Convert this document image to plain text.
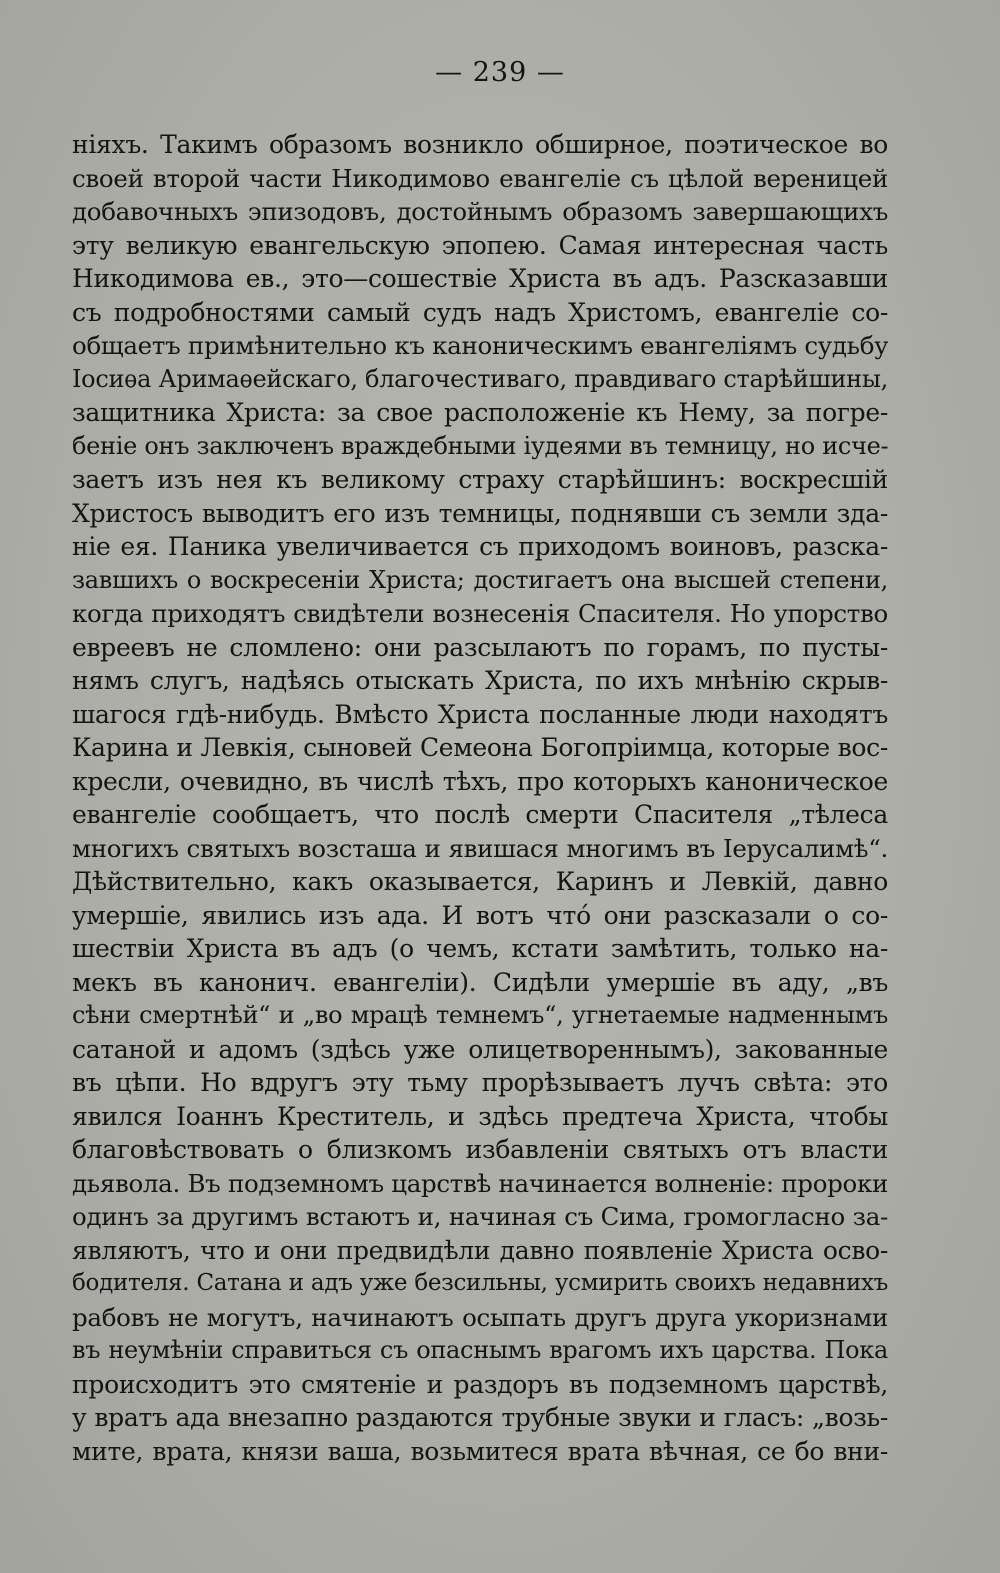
— 239 —
ніяхъ. Такимъ образомъ возникло обширное, поэтическое во
своей второй части Никодимово евангеліе съ цѣлой вереницей
добавочныхъ эпизодовъ, достойнымъ образомъ завершающихъ
эту великую евангельскую эпопею. Самая интересная часть
Никодимова ев., это—сошествіе Христа въ адъ. Разсказавши
съ подробностями самый судъ надъ Христомъ, евангеліе со-
общаетъ примѣнительно къ каноническимъ евангеліямъ судьбу
Іосиѳа Аримаѳейскаго, благочестиваго, правдиваго старѣйшины,
защитника Христа: за свое расположеніе къ Нему, за погре-
беніе онъ заключенъ враждебными іудеями въ темницу, но исче-
заетъ изъ нея къ великому страху старѣйшинъ: воскресшій
Христосъ выводитъ его изъ темницы, поднявши съ земли зда-
ніе ея. Паника увеличивается съ приходомъ воиновъ, разска-
завшихъ о воскресеніи Христа; достигаетъ она высшей степени,
когда приходятъ свидѣтели вознесенія Спасителя. Но упорство
евреевъ не сломлено: они разсылаютъ по горамъ, по пусты-
нямъ слугъ, надѣясь отыскать Христа, по ихъ мнѣнію скрыв-
шагося гдѣ-нибудь. Вмѣсто Христа посланные люди находятъ
Карина и Левкія, сыновей Семеона Богопріимца, которые вос-
кресли, очевидно, въ числѣ тѣхъ, про которыхъ каноническое
евангеліе сообщаетъ, что послѣ смерти Спасителя „тѣлеса
многихъ святыхъ возсташа и явишася многимъ въ Іерусалимѣ“.
Дѣйствительно, какъ оказывается, Каринъ и Левкій, давно
умершіе, явились изъ ада. И вотъ что́ они разсказали о со-
шествіи Христа въ адъ (о чемъ, кстати замѣтить, только на-
мекъ въ канонич. евангеліи). Сидѣли умершіе въ аду, „въ
сѣни смертнѣй“ и „во мрацѣ темнемъ“, угнетаемые надменнымъ
сатаной и адомъ (здѣсь уже олицетвореннымъ), закованные
въ цѣпи. Но вдругъ эту тьму прорѣзываетъ лучъ свѣта: это
явился Іоаннъ Креститель, и здѣсь предтеча Христа, чтобы
благовѣствовать о близкомъ избавленіи святыхъ отъ власти
дьявола. Въ подземномъ царствѣ начинается волненіе: пророки
одинъ за другимъ встаютъ и, начиная съ Сима, громогласно за-
являютъ, что и они предвидѣли давно появленіе Христа осво-
бодителя. Сатана и адъ уже безсильны, усмирить своихъ недавнихъ
рабовъ не могутъ, начинаютъ осыпать другъ друга укоризнами
въ неумѣніи справиться съ опаснымъ врагомъ ихъ царства. Пока
происходитъ это смятеніе и раздоръ въ подземномъ царствѣ,
у вратъ ада внезапно раздаются трубные звуки и гласъ: „возь-
мите, врата, князи ваша, возьмитеся врата вѣчная, се бо вни-
